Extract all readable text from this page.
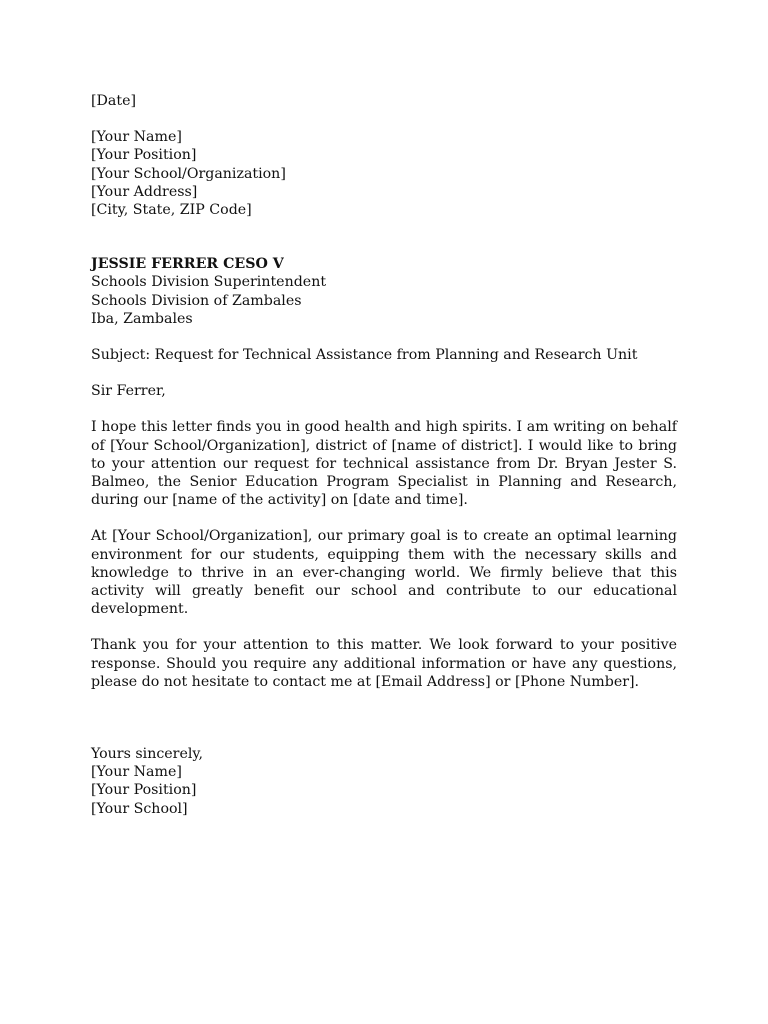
[Date]
[Your Name]
[Your Position]
[Your School/Organization]
[Your Address]
[City, State, ZIP Code]
JESSIE FERRER CESO V
Schools Division Superintendent
Schools Division of Zambales
Iba, Zambales
Subject: Request for Technical Assistance from Planning and Research Unit
Sir Ferrer,

I hope this letter finds you in good health and high spirits. I am writing on behalf of [Your School/Organization], district of [name of district]. I would like to bring to your attention our request for technical assistance from Dr. Bryan Jester S. Balmeo, the Senior Education Program Specialist in Planning and Research, during our [name of the activity] on [date and time].

At [Your School/Organization], our primary goal is to create an optimal learning environment for our students, equipping them with the necessary skills and knowledge to thrive in an ever-changing world. We firmly believe that this activity will greatly benefit our school and contribute to our educational development.

Thank you for your attention to this matter. We look forward to your positive response. Should you require any additional information or have any questions, please do not hesitate to contact me at [Email Address] or [Phone Number].

Yours sincerely,
[Your Name]
[Your Position]
[Your School]
